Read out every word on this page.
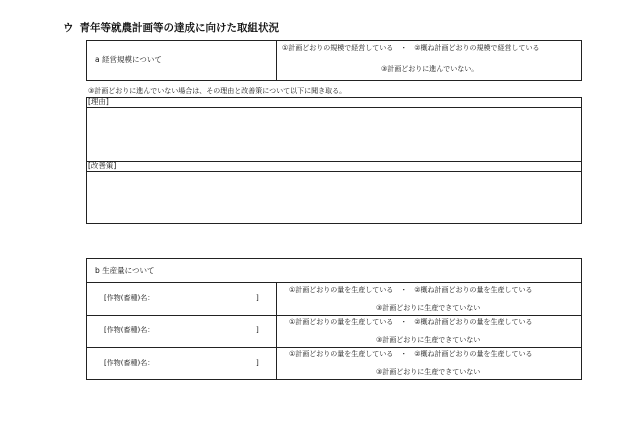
ウ 青年等就農計画等の達成に向けた取組状況
a 経営規模について
①計画どおりの規模で経営している　・　②概ね計画どおりの規模で経営している
③計画どおりに進んでいない。
③計画どおりに進んでいない場合は、その理由と改善策について以下に聞き取る。
[理由]
[改善策]
b 生産量について
[作物(畜種)名：	]
①計画どおりの量を生産している　・　②概ね計画どおりの量を生産している
③計画どおりに生産できていない
[作物(畜種)名：	]
①計画どおりの量を生産している　・　②概ね計画どおりの量を生産している
③計画どおりに生産できていない
[作物(畜種)名：	]
①計画どおりの量を生産している　・　②概ね計画どおりの量を生産している
③計画どおりに生産できていない
